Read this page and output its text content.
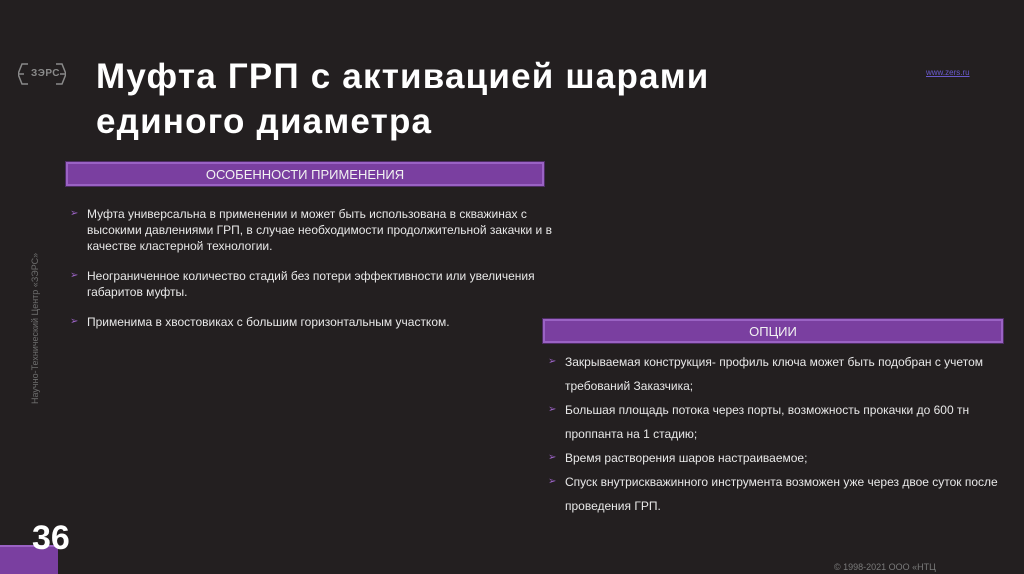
ЗЭРС Муфта ГРП с активацией шарами
единого диаметра
www.zers.ru
Научно-Технический Центр «ЗЭРС»
ОСОБЕННОСТИ ПРИМЕНЕНИЯ
➢ Муфта универсальна в применении и может быть использована в скважинах с высокими давлениями ГРП, в случае необходимости продолжительной закачки и в качестве кластерной технологии.
➢ Неограниченное количество стадий без потери эффективности или увеличения габаритов муфты.
➢ Применима в хвостовиках с большим горизонтальным участком.
ОПЦИИ
➢ Закрываемая конструкция- профиль ключа может быть подобран с учетом требований Заказчика;
➢ Большая площадь потока через порты, возможность прокачки до 600 тн проппанта на 1 стадию;
➢ Время растворения шаров настраиваемое;
➢ Спуск внутрискважинного инструмента возможен уже через двое суток после проведения ГРП.
36
© 1998-2021 ООО «НТЦ
